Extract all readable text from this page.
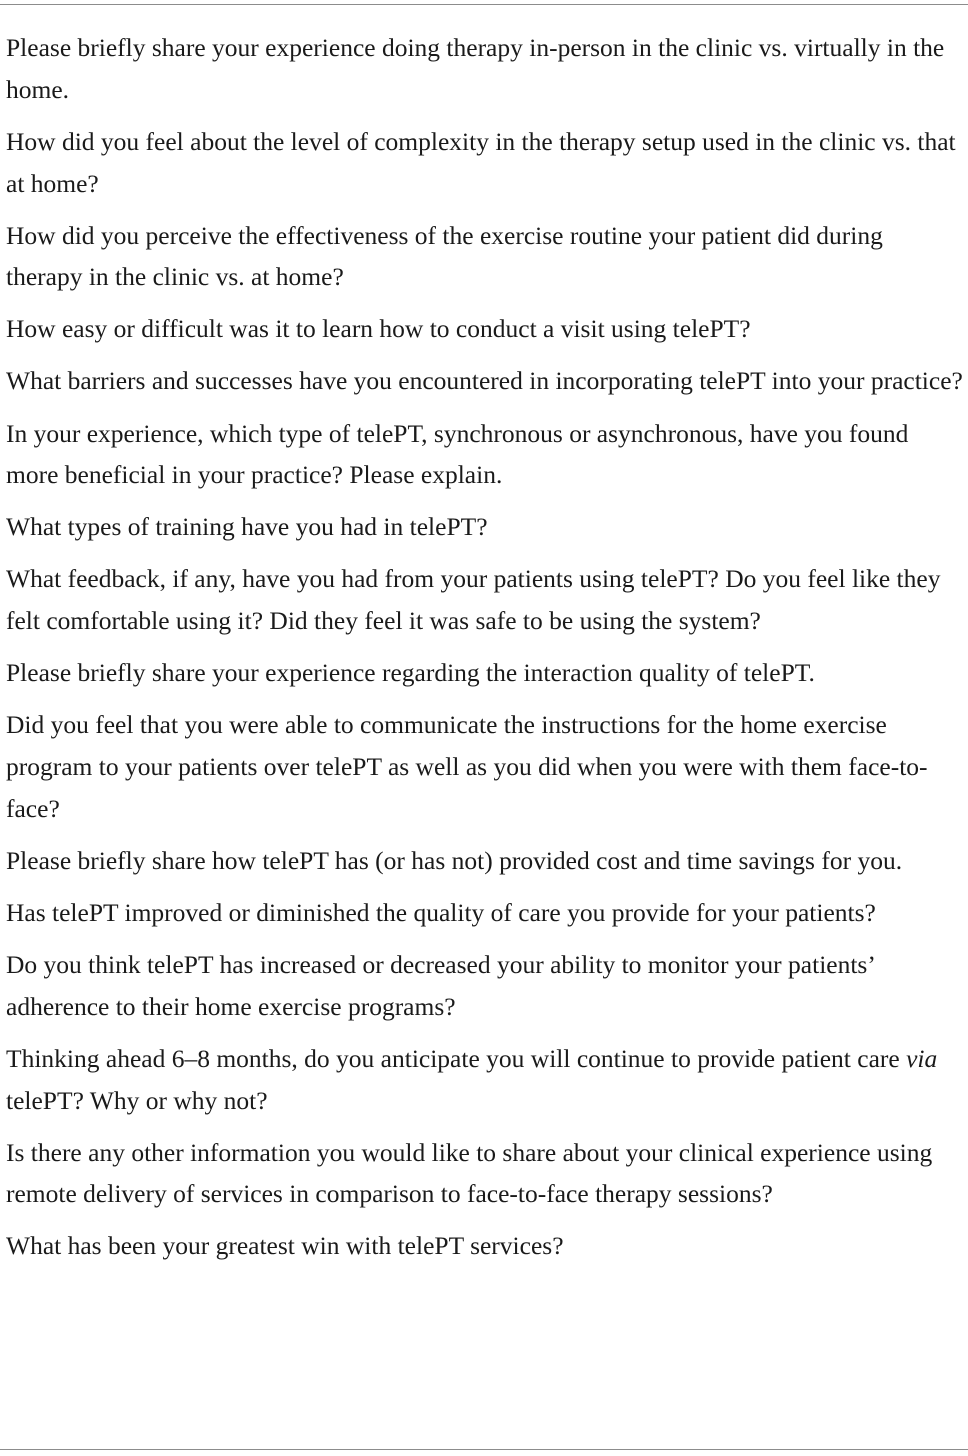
Please briefly share your experience doing therapy in-person in the clinic vs. virtually in the home.
How did you feel about the level of complexity in the therapy setup used in the clinic vs. that at home?
How did you perceive the effectiveness of the exercise routine your patient did during therapy in the clinic vs. at home?
How easy or difficult was it to learn how to conduct a visit using telePT?
What barriers and successes have you encountered in incorporating telePT into your practice?
In your experience, which type of telePT, synchronous or asynchronous, have you found more beneficial in your practice? Please explain.
What types of training have you had in telePT?
What feedback, if any, have you had from your patients using telePT? Do you feel like they felt comfortable using it? Did they feel it was safe to be using the system?
Please briefly share your experience regarding the interaction quality of telePT.
Did you feel that you were able to communicate the instructions for the home exercise program to your patients over telePT as well as you did when you were with them face-to-face?
Please briefly share how telePT has (or has not) provided cost and time savings for you.
Has telePT improved or diminished the quality of care you provide for your patients?
Do you think telePT has increased or decreased your ability to monitor your patients’ adherence to their home exercise programs?
Thinking ahead 6–8 months, do you anticipate you will continue to provide patient care via telePT? Why or why not?
Is there any other information you would like to share about your clinical experience using remote delivery of services in comparison to face-to-face therapy sessions?
What has been your greatest win with telePT services?
